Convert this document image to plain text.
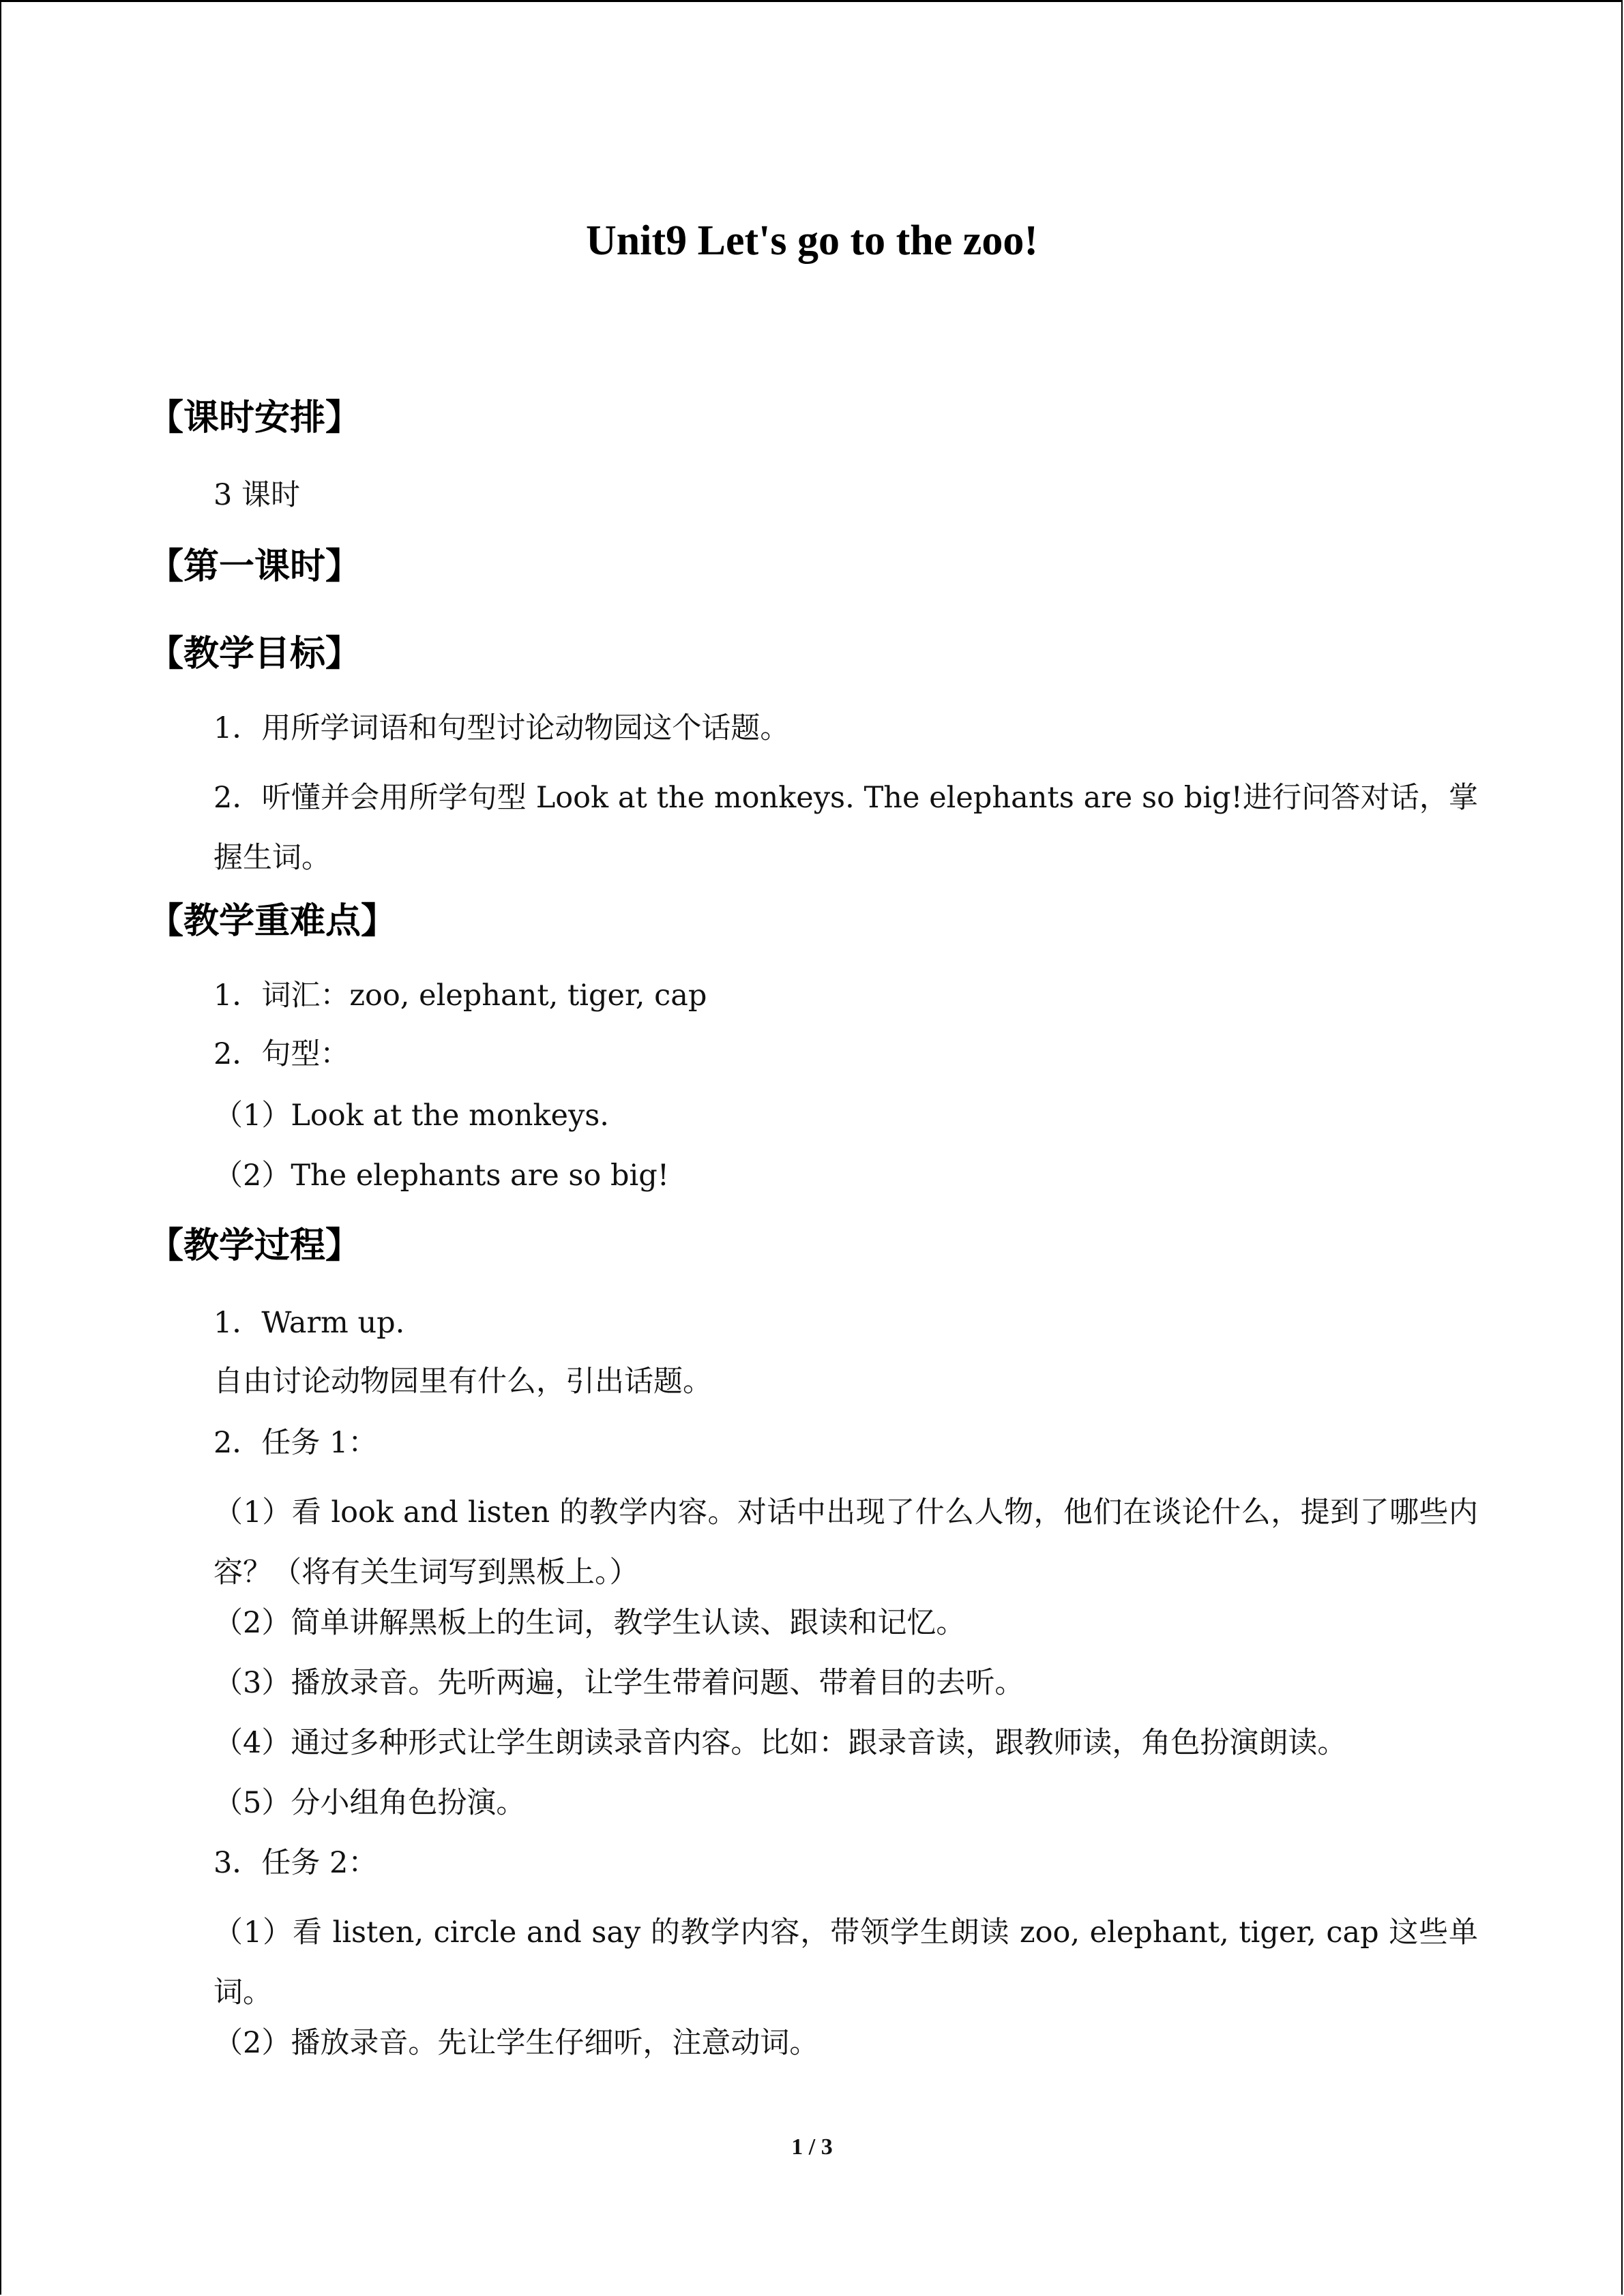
Unit9 Let's go to the zoo!
【课时安排】
3 课时
【第一课时】
【教学目标】
1．用所学词语和句型讨论动物园这个话题。
2．听懂并会用所学句型 Look at the monkeys. The elephants are so big!进行问答对话，掌握生词。
【教学重难点】
1．词汇：zoo, elephant, tiger, cap
2．句型：
（1）Look at the monkeys.
（2）The elephants are so big!
【教学过程】
1．Warm up.
自由讨论动物园里有什么，引出话题。
2．任务 1：
（1）看 look and listen 的教学内容。对话中出现了什么人物，他们在谈论什么，提到了哪些内容？（将有关生词写到黑板上。）
（2）简单讲解黑板上的生词，教学生认读、跟读和记忆。
（3）播放录音。先听两遍，让学生带着问题、带着目的去听。
（4）通过多种形式让学生朗读录音内容。比如：跟录音读，跟教师读，角色扮演朗读。
（5）分小组角色扮演。
3．任务 2：
（1）看 listen, circle and say 的教学内容，带领学生朗读 zoo, elephant, tiger, cap 这些单词。
（2）播放录音。先让学生仔细听，注意动词。
1 / 3
